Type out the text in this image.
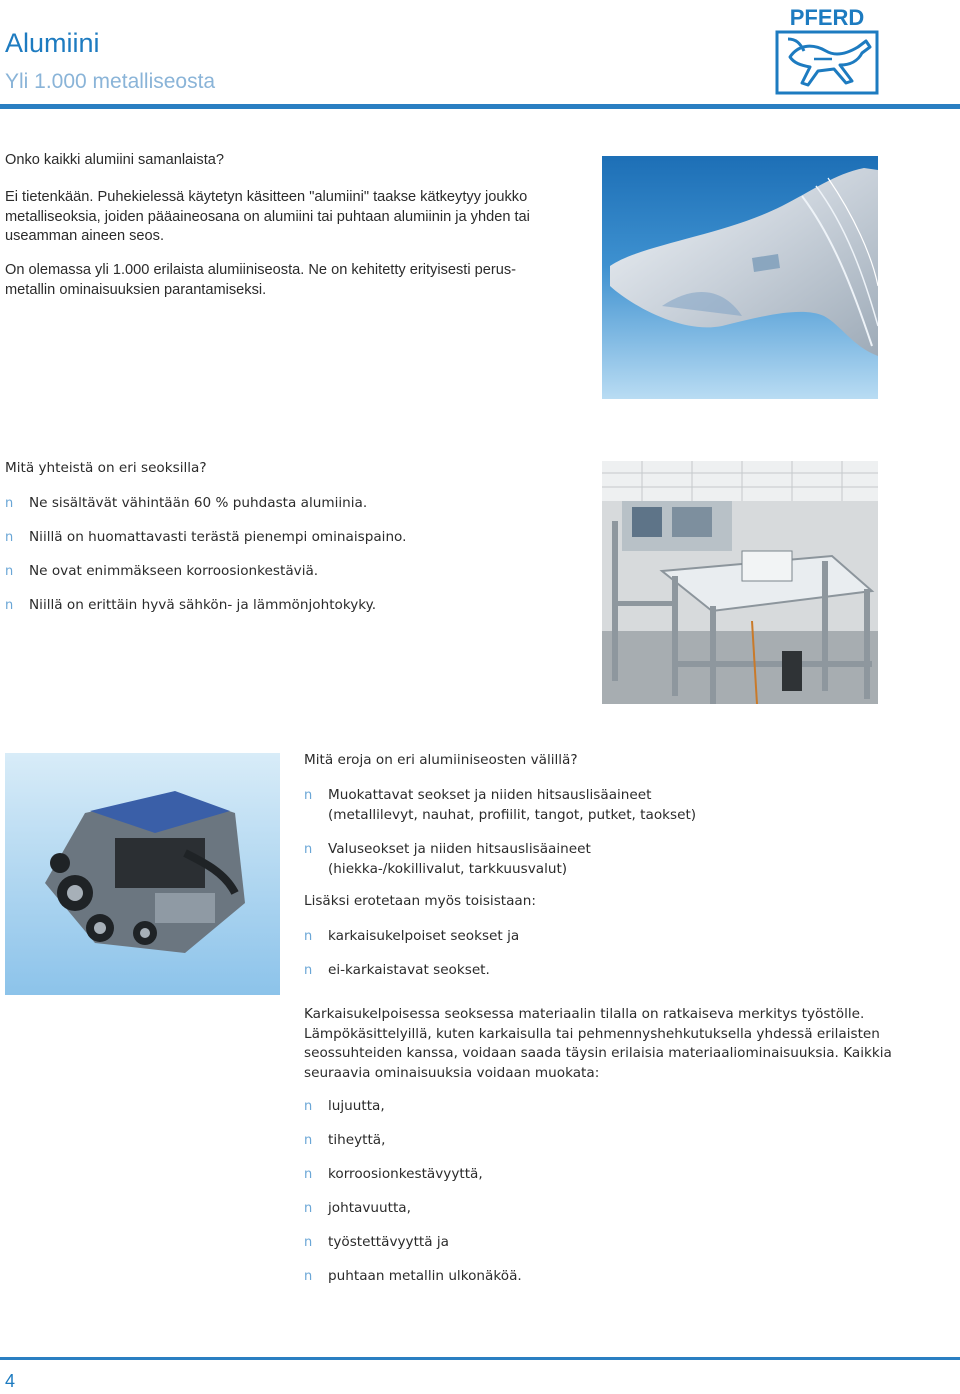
Alumiini
Yli 1.000 metalliseosta
PFERD

Onko kaikki alumiini samanlaista?

Ei tietenkään. Puhekielessä käytetyn käsitteen "alumiini" taakse kätkeytyy joukko metalliseoksia, joiden pääaineosana on alumiini tai puhtaan alumiinin ja yhden tai useamman aineen seos.

On olemassa yli 1.000 erilaista alumiiniseosta. Ne on kehitetty erityisesti perus-
metallin ominaisuuksien parantamiseksi.

Mitä yhteistä on eri seoksilla?

n Ne sisältävät vähintään 60 % puhdasta alumiinia.
n Niillä on huomattavasti terästä pienempi ominaispaino.
n Ne ovat enimmäkseen korroosionkestäviä.
n Niillä on erittäin hyvä sähkön- ja lämmönjohtokyky.

Mitä eroja on eri alumiiniseosten välillä?

n Muokattavat seokset ja niiden hitsauslisäaineet
(metallilevyt, nauhat, profiilit, tangot, putket, taokset)
n Valuseokset ja niiden hitsauslisäaineet
(hiekka-/kokillivalut, tarkkuusvalut)

Lisäksi erotetaan myös toisistaan:

n karkaisukelpoiset seokset ja
n ei-karkaistavat seokset.
Karkaisukelpoisessa seoksessa materiaalin tilalla on ratkaiseva merkitys työstölle.
Lämpökäsittelyillä, kuten karkaisulla tai pehmennyshehkutuksella yhdessä erilaisten
seossuhteiden kanssa, voidaan saada täysin erilaisia materiaaliominaisuuksia. Kaikkia
seuraavia ominaisuuksia voidaan muokata:
n lujuutta,
n tiheyttä,
n korroosionkestävyyttä,
n johtavuutta,
n työstettävyyttä ja
n puhtaan metallin ulkonäköä.

4
